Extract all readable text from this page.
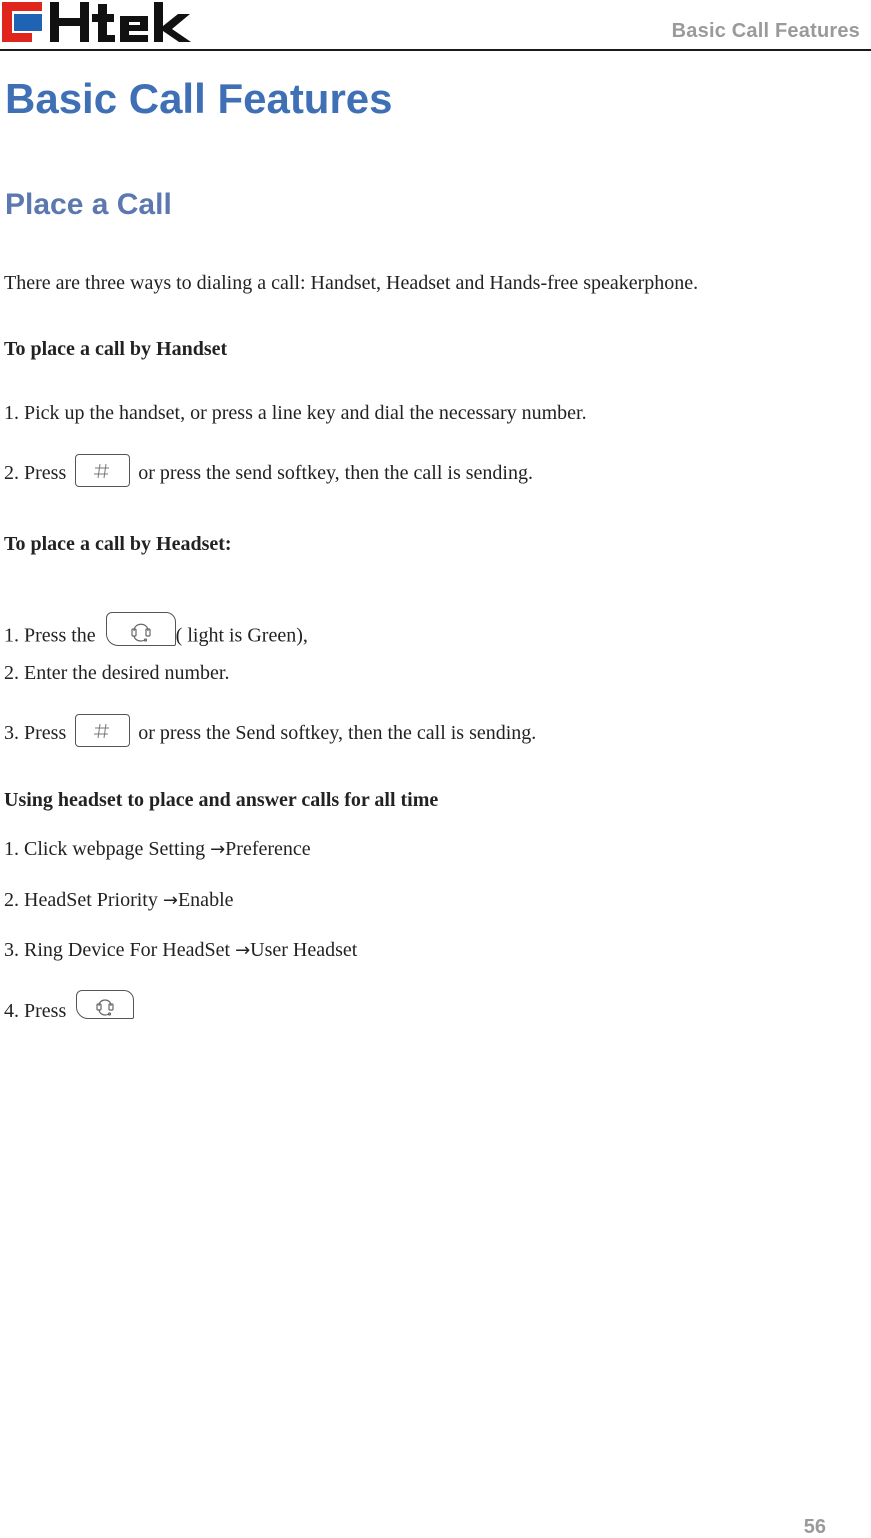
Basic Call Features
Basic Call Features
Place a Call
There are three ways to dialing a call: Handset, Headset and Hands-free speakerphone.
To place a call by Handset
1. Pick up the handset, or press a line key and dial the necessary number.
2. Press	or press the send softkey, then the call is sending.
To place a call by Headset:
1. Press the	( light is Green),
2. Enter the desired number.
3. Press	or press the Send softkey, then the call is sending.
Using headset to place and answer calls for all time
1. Click webpage Setting →Preference
2. HeadSet Priority →Enable
3. Ring Device For HeadSet →User Headset
4. Press
56
